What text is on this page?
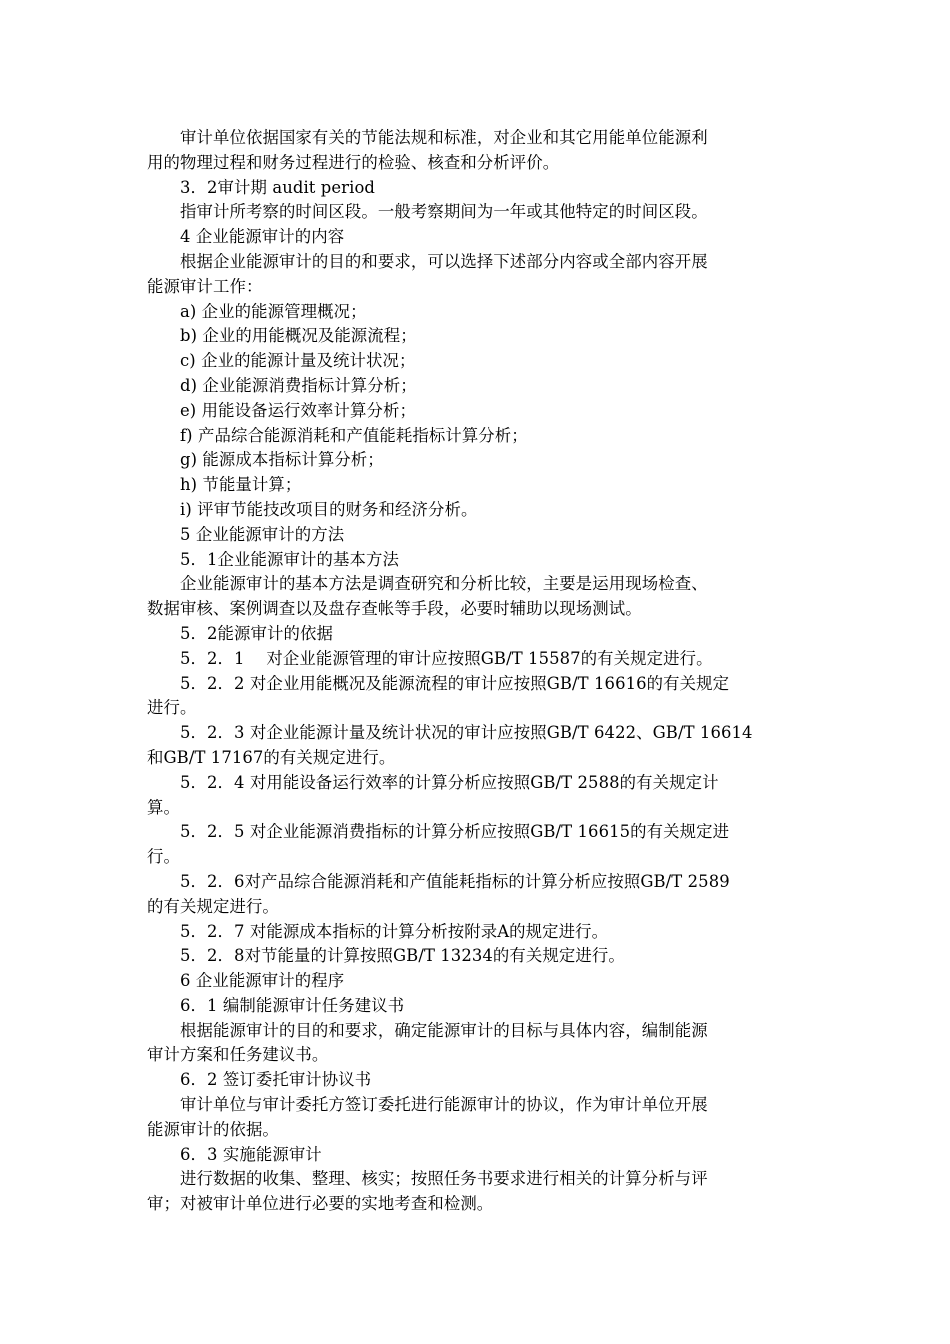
审计单位依据国家有关的节能法规和标准，对企业和其它用能单位能源利
用的物理过程和财务过程进行的检验、核查和分析评价。
3．2审计期 audit period
指审计所考察的时间区段。一般考察期间为一年或其他特定的时间区段。
4 企业能源审计的内容
根据企业能源审计的目的和要求，可以选择下述部分内容或全部内容开展
能源审计工作：
a) 企业的能源管理概况；
b) 企业的用能概况及能源流程；
c) 企业的能源计量及统计状况；
d) 企业能源消费指标计算分析；
e) 用能设备运行效率计算分析；
f) 产品综合能源消耗和产值能耗指标计算分析；
g) 能源成本指标计算分析；
h) 节能量计算；
i) 评审节能技改项目的财务和经济分析。
5 企业能源审计的方法
5．1企业能源审计的基本方法
企业能源审计的基本方法是调查研究和分析比较，主要是运用现场检查、
数据审核、案例调查以及盘存查帐等手段，必要时辅助以现场测试。
5．2能源审计的依据
5．2．1　 对企业能源管理的审计应按照GB/T 15587的有关规定进行。
5．2．2 对企业用能概况及能源流程的审计应按照GB/T 16616的有关规定
进行。
5．2．3 对企业能源计量及统计状况的审计应按照GB/T 6422、GB/T 16614
和GB/T 17167的有关规定进行。
5．2．4 对用能设备运行效率的计算分析应按照GB/T 2588的有关规定计
算。
5．2．5 对企业能源消费指标的计算分析应按照GB/T 16615的有关规定进
行。
5．2．6对产品综合能源消耗和产值能耗指标的计算分析应按照GB/T 2589
的有关规定进行。
5．2．7 对能源成本指标的计算分析按附录A的规定进行。
5．2．8对节能量的计算按照GB/T 13234的有关规定进行。
6 企业能源审计的程序
6．1 编制能源审计任务建议书
根据能源审计的目的和要求，确定能源审计的目标与具体内容，编制能源
审计方案和任务建议书。
6．2 签订委托审计协议书
审计单位与审计委托方签订委托进行能源审计的协议，作为审计单位开展
能源审计的依据。
6．3 实施能源审计
进行数据的收集、整理、核实；按照任务书要求进行相关的计算分析与评
审；对被审计单位进行必要的实地考查和检测。
